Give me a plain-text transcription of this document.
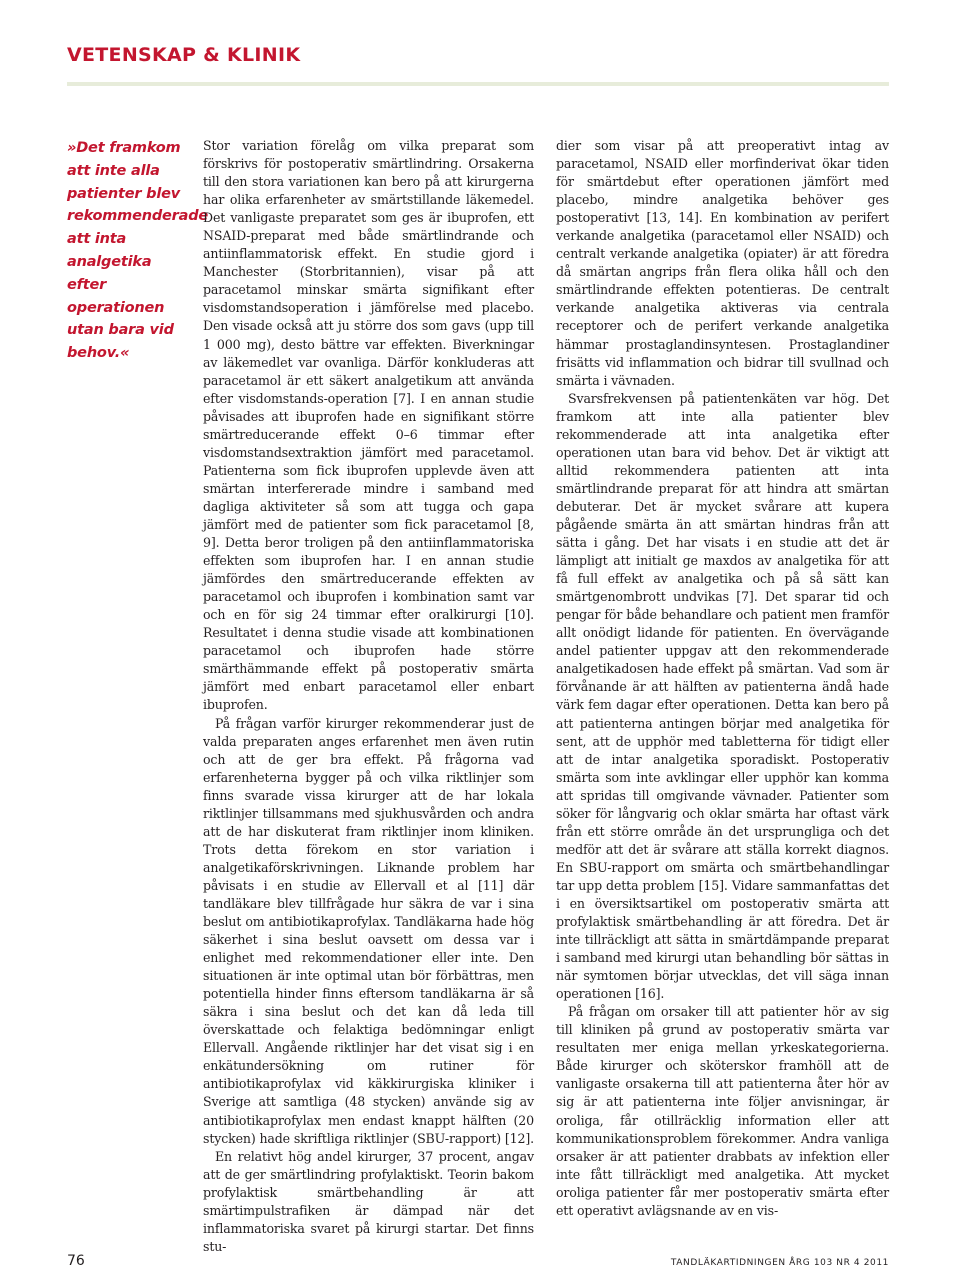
VETENSKAP & KLINIK
»Det framkom att inte alla patienter blev rekommenderade att inta analgetika efter operationen utan bara vid behov.«

Stor variation förelåg om vilka preparat som förskrivs för postoperativ smärtlindring. Orsakerna till den stora variationen kan bero på att kirurgerna har olika erfarenheter av smärtstillande läkemedel. Det vanligaste preparatet som ges är ibuprofen, ett NSAID-preparat med både smärtlindrande och antiinflammatorisk effekt. En studie gjord i Manchester (Storbritannien), visar på att paracetamol minskar smärta signifikant efter visdomstandsoperation i jämförelse med placebo. Den visade också att ju större dos som gavs (upp till 1 000 mg), desto bättre var effekten. Biverkningar av läkemedlet var ovanliga. Därför konkluderas att paracetamol är ett säkert analgetikum att använda efter visdomstands-operation [7]. I en annan studie påvisades att ibuprofen hade en signifikant större smärtreducerande effekt 0–6 timmar efter visdomstandsextraktion jämfört med paracetamol. Patienterna som fick ibuprofen upplevde även att smärtan interfererade mindre i samband med dagliga aktiviteter så som att tugga och gapa jämfört med de patienter som fick paracetamol [8, 9]. Detta beror troligen på den antiinflammatoriska effekten som ibuprofen har. I en annan studie jämfördes den smärtreducerande effekten av paracetamol och ibuprofen i kombination samt var och en för sig 24 timmar efter oralkirurgi [10]. Resultatet i denna studie visade att kombinationen paracetamol och ibuprofen hade större smärthämmande effekt på postoperativ smärta jämfört med enbart paracetamol eller enbart ibuprofen.

På frågan varför kirurger rekommenderar just de valda preparaten anges erfarenhet men även rutin och att de ger bra effekt. På frågorna vad erfarenheterna bygger på och vilka riktlinjer som finns svarade vissa kirurger att de har lokala riktlinjer tillsammans med sjukhusvården och andra att de har diskuterat fram riktlinjer inom kliniken. Trots detta förekom en stor variation i analgetikaförskrivningen. Liknande problem har påvisats i en studie av Ellervall et al [11] där tandläkare blev tillfrågade hur säkra de var i sina beslut om antibiotikaprofylax. Tandläkarna hade hög säkerhet i sina beslut oavsett om dessa var i enlighet med rekommendationer eller inte. Den situationen är inte optimal utan bör förbättras, men potentiella hinder finns eftersom tandläkarna är så säkra i sina beslut och det kan då leda till överskattade och felaktiga bedömningar enligt Ellervall. Angående riktlinjer har det visat sig i en enkätundersökning om rutiner för antibiotikaprofylax vid käkkirurgiska kliniker i Sverige att samtliga (48 stycken) använde sig av antibiotikaprofylax men endast knappt hälften (20 stycken) hade skriftliga riktlinjer (SBU-rapport) [12].

En relativt hög andel kirurger, 37 procent, angav att de ger smärtlindring profylaktiskt. Teorin bakom profylaktisk smärtbehandling är att smärtimpulstrafiken är dämpad när det inflammatoriska svaret på kirurgi startar. Det finns stu-

dier som visar på att preoperativt intag av paracetamol, NSAID eller morfinderivat ökar tiden för smärtdebut efter operationen jämfört med placebo, mindre analgetika behöver ges postoperativt [13, 14]. En kombination av perifert verkande analgetika (paracetamol eller NSAID) och centralt verkande analgetika (opiater) är att föredra då smärtan angrips från flera olika håll och den smärtlindrande effekten potentieras. De centralt verkande analgetika aktiveras via centrala receptorer och de perifert verkande analgetika hämmar prostaglandinsyntesen. Prostaglandiner frisätts vid inflammation och bidrar till svullnad och smärta i vävnaden.

Svarsfrekvensen på patientenkäten var hög. Det framkom att inte alla patienter blev rekommenderade att inta analgetika efter operationen utan bara vid behov. Det är viktigt att alltid rekommendera patienten att inta smärtlindrande preparat för att hindra att smärtan debuterar. Det är mycket svårare att kupera pågående smärta än att smärtan hindras från att sätta i gång. Det har visats i en studie att det är lämpligt att initialt ge maxdos av analgetika för att få full effekt av analgetika och på så sätt kan smärtgenombrott undvikas [7]. Det sparar tid och pengar för både behandlare och patient men framför allt onödigt lidande för patienten. En övervägande andel patienter uppgav att den rekommenderade analgetikadosen hade effekt på smärtan. Vad som är förvånande är att hälften av patienterna ändå hade värk fem dagar efter operationen. Detta kan bero på att patienterna antingen börjar med analgetika för sent, att de upphör med tabletterna för tidigt eller att de intar analgetika sporadiskt. Postoperativ smärta som inte avklingar eller upphör kan komma att spridas till omgivande vävnader. Patienter som söker för långvarig och oklar smärta har oftast värk från ett större område än det ursprungliga och det medför att det är svårare att ställa korrekt diagnos. En SBU-rapport om smärta och smärtbehandlingar tar upp detta problem [15]. Vidare sammanfattas det i en översiktsartikel om postoperativ smärta att profylaktisk smärtbehandling är att föredra. Det är inte tillräckligt att sätta in smärtdämpande preparat i samband med kirurgi utan behandling bör sättas in när symtomen börjar utvecklas, det vill säga innan operationen [16].

På frågan om orsaker till att patienter hör av sig till kliniken på grund av postoperativ smärta var resultaten mer eniga mellan yrkeskategorierna. Både kirurger och sköterskor framhöll att de vanligaste orsakerna till att patienterna åter hör av sig är att patienterna inte följer anvisningar, är oroliga, får otillräcklig information eller att kommunikationsproblem förekommer. Andra vanliga orsaker är att patienter drabbats av infektion eller inte fått tillräckligt med analgetika. Att mycket oroliga patienter får mer postoperativ smärta efter ett operativt avlägsnande av en vis-

76	TANDLÄKARTIDNINGEN ÅRG 103 NR 4 2011
